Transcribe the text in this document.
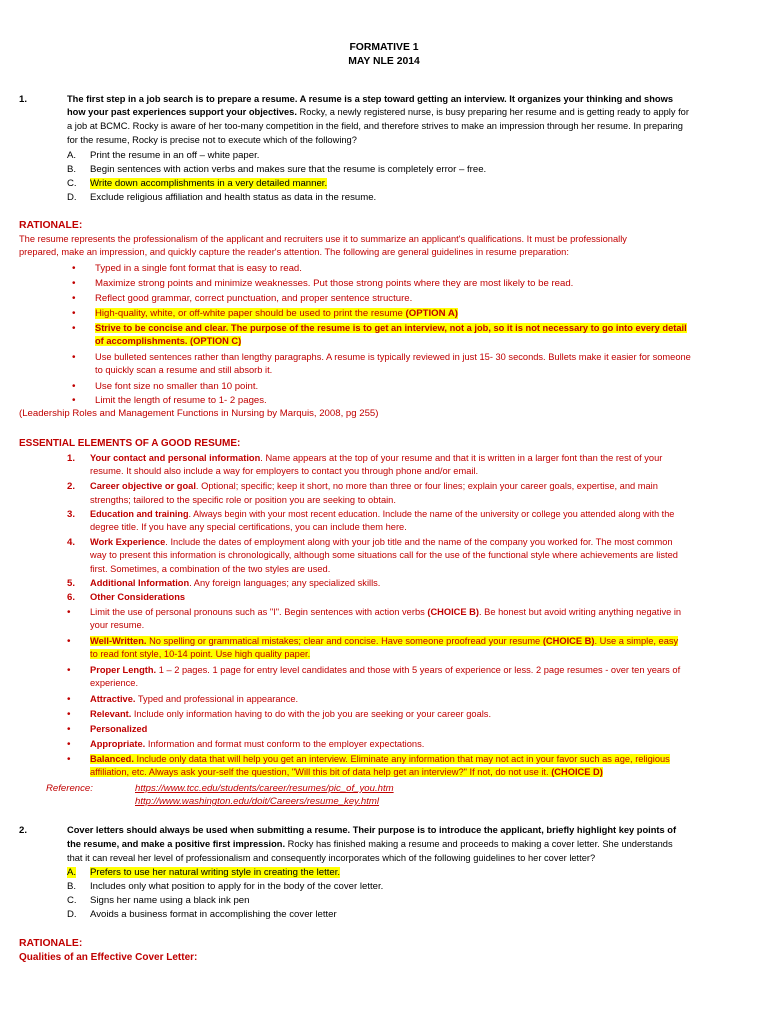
FORMATIVE 1
MAY NLE 2014
1.	The first step in a job search is to prepare a resume. A resume is a step toward getting an interview. It organizes your thinking and shows
how your past experiences support your objectives. Rocky, a newly registered nurse, is busy preparing her resume and is getting ready to apply for
a job at BCMC. Rocky is aware of her too-many competition in the field, and therefore strives to make an impression through her resume. In preparing
for the resume, Rocky is precise not to execute which of the following?
A. Print the resume in an off – white paper.
B. Begin sentences with action verbs and makes sure that the resume is completely error – free.
C. Write down accomplishments in a very detailed manner.
D. Exclude religious affiliation and health status as data in the resume.
RATIONALE:
The resume represents the professionalism of the applicant and recruiters use it to summarize an applicant's qualifications. It must be professionally
prepared, make an impression, and quickly capture the reader's attention. The following are general guidelines in resume preparation:
• Typed in a single font format that is easy to read.
• Maximize strong points and minimize weaknesses. Put those strong points where they are most likely to be read.
• Reflect good grammar, correct punctuation, and proper sentence structure.
• High-quality, white, or off-white paper should be used to print the resume (OPTION A)
• Strive to be concise and clear. The purpose of the resume is to get an interview, not a job, so it is not necessary to go into every detail
of accomplishments. (OPTION C)
• Use bulleted sentences rather than lengthy paragraphs. A resume is typically reviewed in just 15- 30 seconds. Bullets make it easier for someone
to quickly scan a resume and still absorb it.
• Use font size no smaller than 10 point.
• Limit the length of resume to 1- 2 pages.
(Leadership Roles and Management Functions in Nursing by Marquis, 2008, pg 255)
ESSENTIAL ELEMENTS OF A GOOD RESUME:
1. Your contact and personal information. Name appears at the top of your resume and that it is written in a larger font than the rest of your
resume. It should also include a way for employers to contact you through phone and/or email.
2. Career objective or goal. Optional; specific; keep it short, no more than three or four lines; explain your career goals, expertise, and main
strengths; tailored to the specific role or position you are seeking to obtain.
3. Education and training. Always begin with your most recent education. Include the name of the university or college you attended along with the
degree title. If you have any special certifications, you can include them here.
4. Work Experience. Include the dates of employment along with your job title and the name of the company you worked for. The most common
way to present this information is chronologically, although some situations call for the use of the functional style where achievements are listed
first. Sometimes, a combination of the two styles are used.
5. Additional Information. Any foreign languages; any specialized skills.
6. Other Considerations
• Limit the use of personal pronouns such as "I". Begin sentences with action verbs (CHOICE B). Be honest but avoid writing anything negative in
your resume.
• Well-Written. No spelling or grammatical mistakes; clear and concise. Have someone proofread your resume (CHOICE B). Use a simple, easy
to read font style, 10-14 point. Use high quality paper.
• Proper Length. 1 – 2 pages. 1 page for entry level candidates and those with 5 years of experience or less. 2 page resumes - over ten years of
experience.
• Attractive. Typed and professional in appearance.
• Relevant. Include only information having to do with the job you are seeking or your career goals.
• Personalized
• Appropriate. Information and format must conform to the employer expectations.
• Balanced. Include only data that will help you get an interview. Eliminate any information that may not act in your favor such as age, religious
affiliation, etc. Always ask your-self the question, "Will this bit of data help get an interview?" If not, do not use it. (CHOICE D)
Reference:	https://www.tcc.edu/students/career/resumes/pic_of_you.htm
http://www.washington.edu/doit/Careers/resume_key.html
2.	Cover letters should always be used when submitting a resume. Their purpose is to introduce the applicant, briefly highlight key points of
the resume, and make a positive first impression. Rocky has finished making a resume and proceeds to making a cover letter. She understands
that it can reveal her level of professionalism and consequently incorporates which of the following guidelines to her cover letter?
A. Prefers to use her natural writing style in creating the letter.
B. Includes only what position to apply for in the body of the cover letter.
C. Signs her name using a black ink pen
D. Avoids a business format in accomplishing the cover letter
RATIONALE:
Qualities of an Effective Cover Letter:
